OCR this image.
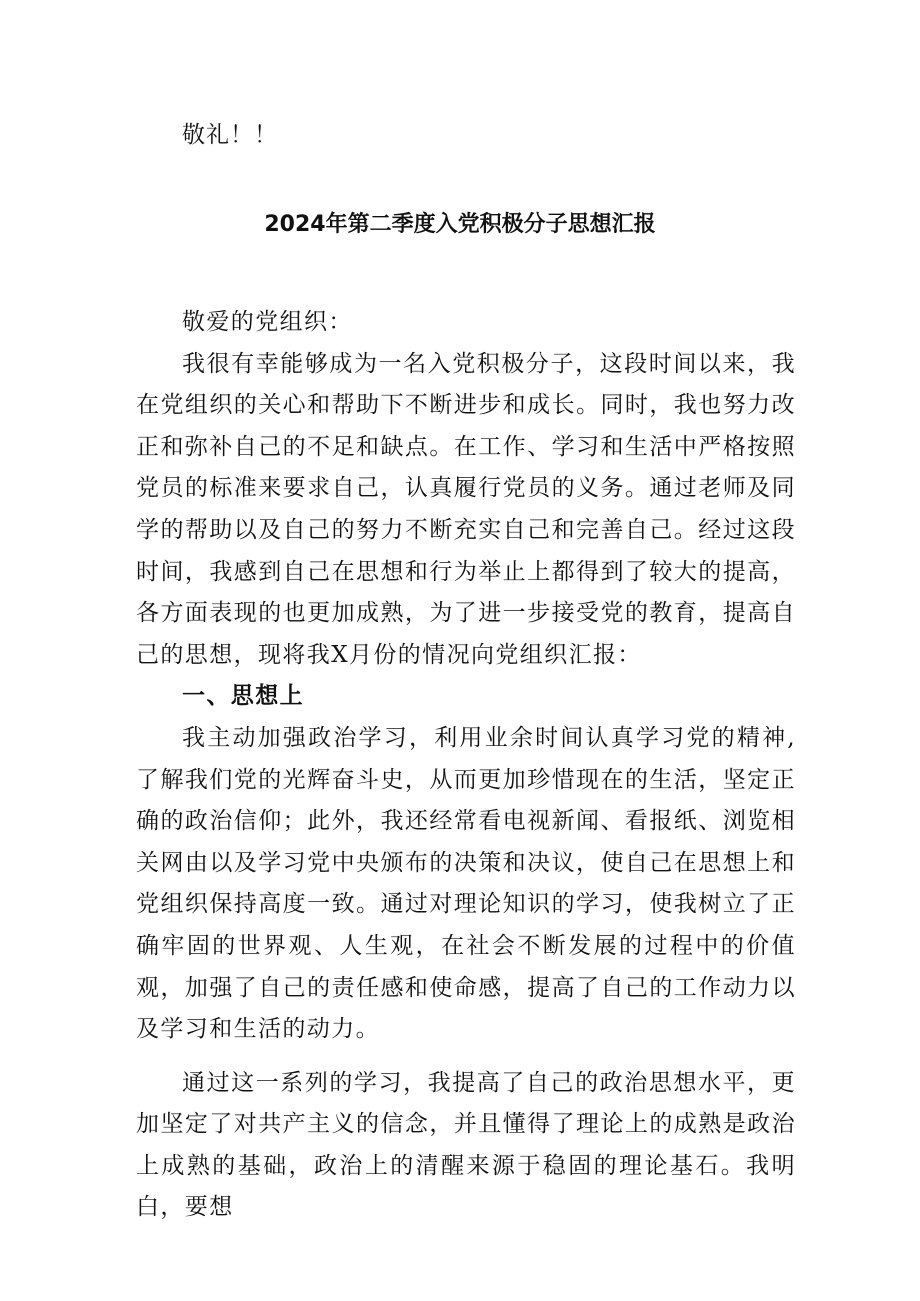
敬礼！！
2024年第二季度入党积极分子思想汇报

敬爱的党组织：

我很有幸能够成为一名入党积极分子，这段时间以来，我在党组织的关心和帮助下不断进步和成长。同时，我也努力改正和弥补自己的不足和缺点。在工作、学习和生活中严格按照党员的标准来要求自己，认真履行党员的义务。通过老师及同学的帮助以及自己的努力不断充实自己和完善自己。经过这段时间，我感到自己在思想和行为举止上都得到了较大的提高，各方面表现的也更加成熟，为了进一步接受党的教育，提高自己的思想，现将我X月份的情况向党组织汇报：

一、思想上

我主动加强政治学习，利用业余时间认真学习党的精神,了解我们党的光辉奋斗史，从而更加珍惜现在的生活，坚定正确的政治信仰；此外，我还经常看电视新闻、看报纸、浏览相关网由以及学习党中央颁布的决策和决议，使自己在思想上和党组织保持高度一致。通过对理论知识的学习，使我树立了正确牢固的世界观、人生观，在社会不断发展的过程中的价值观，加强了自己的责任感和使命感，提高了自己的工作动力以及学习和生活的动力。

通过这一系列的学习，我提高了自己的政治思想水平，更加坚定了对共产主义的信念，并且懂得了理论上的成熟是政治上成熟的基础，政治上的清醒来源于稳固的理论基石。我明白，要想
